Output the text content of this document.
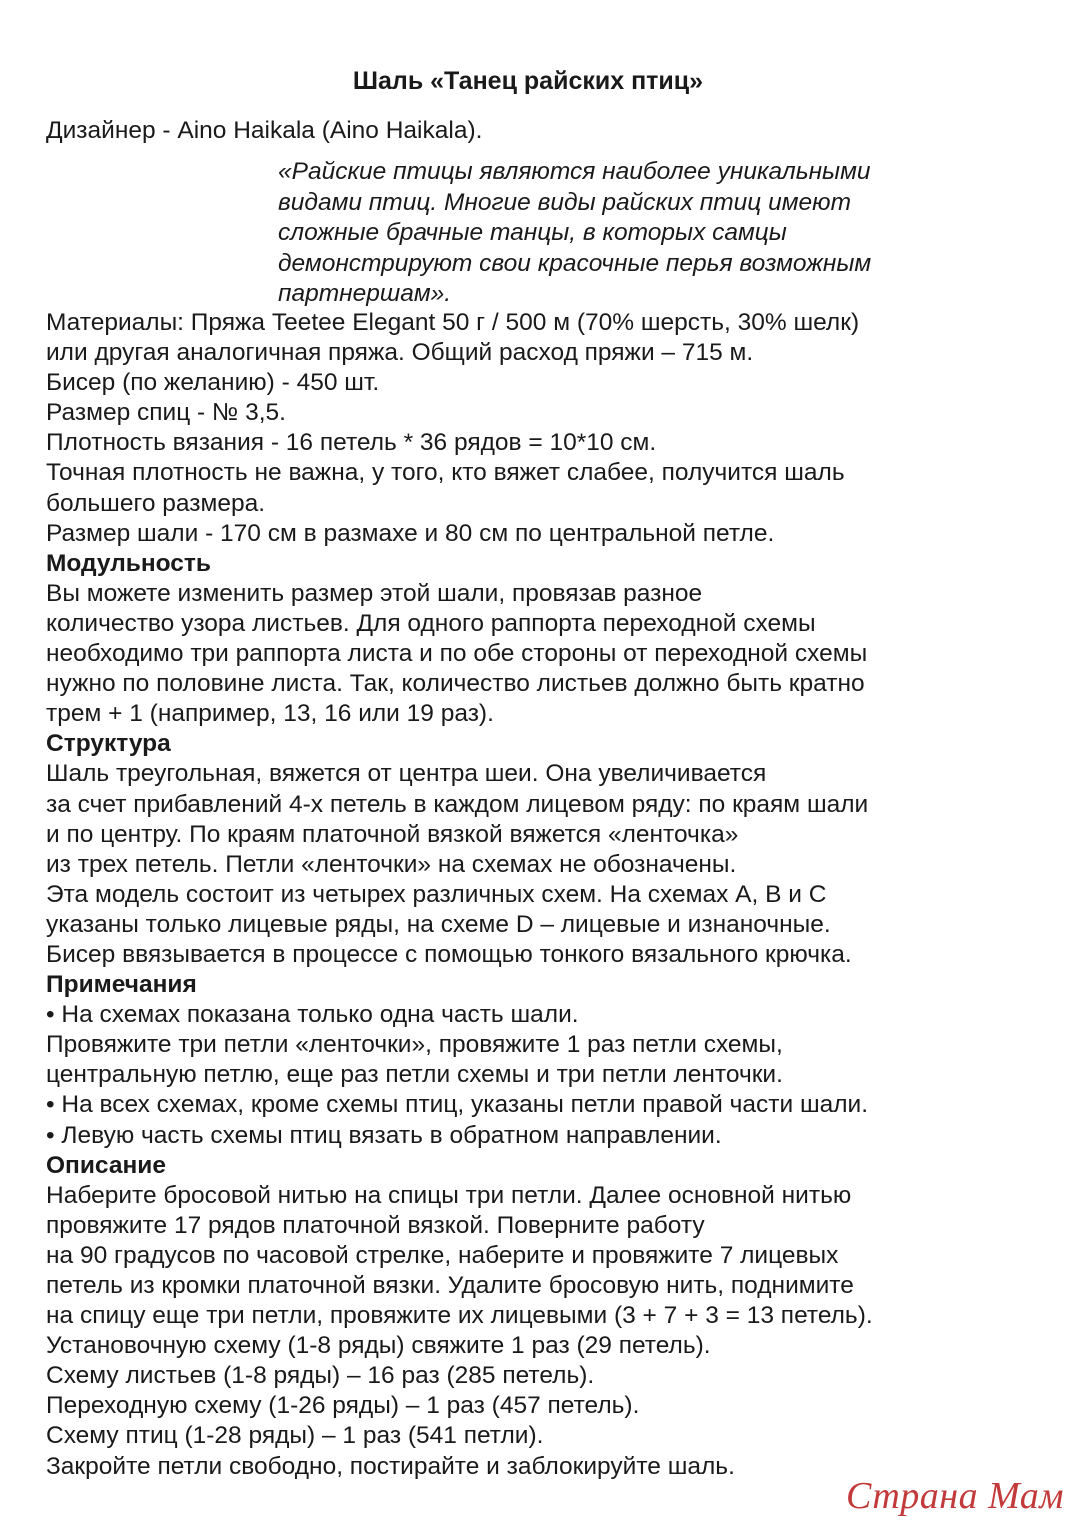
Шаль «Танец райских птиц»

Дизайнер - Aino Haikala (Aino Haikala).

«Райские птицы являются наиболее уникальными
видами птиц. Многие виды райских птиц имеют
сложные брачные танцы, в которых самцы
демонстрируют свои красочные перья возможным
партнершам».
Материалы: Пряжа Teetee Elegant 50 г / 500 м (70% шерсть, 30% шелк)
или другая аналогичная пряжа. Общий расход пряжи – 715 м.
Бисер (по желанию) - 450 шт.
Размер спиц - № 3,5.
Плотность вязания - 16 петель * 36 рядов = 10*10 см.
Точная плотность не важна, у того, кто вяжет слабее, получится шаль
большего размера.
Размер шали - 170 см в размахе и 80 см по центральной петле.
Модульность
Вы можете изменить размер этой шали, провязав разное
количество узора листьев. Для одного раппорта переходной схемы
необходимо три раппорта листа и по обе стороны от переходной схемы
нужно по половине листа. Так, количество листьев должно быть кратно
трем + 1 (например, 13, 16 или 19 раз).
Структура
Шаль треугольная, вяжется от центра шеи. Она увеличивается
за счет прибавлений 4-х петель в каждом лицевом ряду: по краям шали
и по центру. По краям платочной вязкой вяжется «ленточка»
из трех петель. Петли «ленточки» на схемах не обозначены.
Эта модель состоит из четырех различных схем. На схемах A, B и C
указаны только лицевые ряды, на схеме D – лицевые и изнаночные.
Бисер ввязывается в процессе с помощью тонкого вязального крючка.
Примечания
• На схемах показана только одна часть шали.
Провяжите три петли «ленточки», провяжите 1 раз петли схемы,
центральную петлю, еще раз петли схемы и три петли ленточки.
• На всех схемах, кроме схемы птиц, указаны петли правой части шали.
• Левую часть схемы птиц вязать в обратном направлении.
Описание
Наберите бросовой нитью на спицы три петли. Далее основной нитью
провяжите 17 рядов платочной вязкой. Поверните работу
на 90 градусов по часовой стрелке, наберите и провяжите 7 лицевых
петель из кромки платочной вязки. Удалите бросовую нить, поднимите
на спицу еще три петли, провяжите их лицевыми (3 + 7 + 3 = 13 петель).
Установочную схему (1-8 ряды) свяжите 1 раз (29 петель).
Схему листьев (1-8 ряды) – 16 раз (285 петель).
Переходную схему (1-26 ряды) – 1 раз (457 петель).
Схему птиц (1-28 ряды) – 1 раз (541 петли).
Закройте петли свободно, постирайте и заблокируйте шаль.
Страна Мам
